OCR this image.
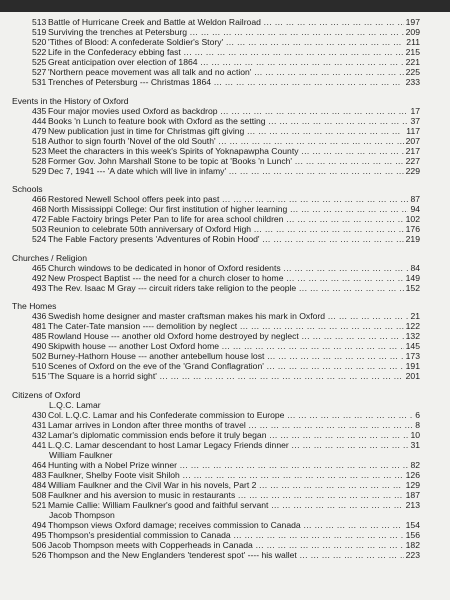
513 Battle of Hurricane Creek and Battle at Weldon Railroad ... .	197
519 Surviving the trenches at Petersburg ... .	209
520 'Tithes of Blood: A confederate Soldier's Story' ... .	211
522 Life in the Confederacy ebbing fast ... .	215
525 Great anticipation over election of 1864 ... .	221
527 'Northern peace movement was all talk and no action' ... .	225
531 Trenches of Petersburg --- Christmas 1864 ... .	233
Events in the History of Oxford
435 Four major movies used Oxford as backdrop ... .	17
444 Books 'n Lunch to feature book with Oxford as the setting ... .	37
479 New publication just in time for Christmas gift giving ... .	117
518 Author to sign fourth 'Novel of the old South' ... .	207
523 Meet the characters in this week's Spirits of Yoknapawpha County ... .	217
528 Former Gov. John Marshall Stone to be topic at 'Books 'n Lunch' ... .	227
529 Dec 7, 1941 --- 'A date which will live in infamy' ... .	229
Schools
466 Restored Newell School offers peek into past ... .	87
468 North Mississippi College: Our first institution of higher learning ... .	94
472 Fable Factoiry brings Peter Pan to life for area school children ... .	102
503 Reunion to celebrate 50th anniversary of Oxford High ... .	176
524 The Fable Factory presents 'Adventures of Robin Hood' ... .	219
Churches / Religion
465 Church windows to be dedicated in honor of Oxford residents ... .	84
492 New Prospect Baptist --- the need for a church closer to home ... .	149
493 The Rev. Isaac M Gray --- circuit riders take religion to the people ... .	152
The Homes
436 Swedish home designer and master craftsman makes his mark in Oxford ... .	21
481 The Cater-Tate mansion ---- demolition by neglect ... .	122
485 Rowland House --- another old Oxford home destroyed by neglect ... .	132
490 Skipwith house --- another Lost Oxford home ... .	145
502 Burney-Hathorn House --- another antebellum house lost ... .	173
510 Scenes of Oxford on the eve of the 'Grand Conflagration' ... .	191
515 'The Square is a horrid sight' ... .	201
Citizens of Oxford
L.Q.C. Lamar
430 Col. L.Q.C. Lamar and his Confederate commission to Europe ... .	6
431 Lamar arrives in London after three months of travel ... .	8
432 Lamar's diplomatic commission ends before it truly began ... .	10
441 L.Q.C. Lamar descendant to host Lamar Legacy Friends dinner ... .	31
William Faulkner
464 Hunting with a Nobel Prize winner ... .	82
483 Faulkner, Shelby Foote visit Shiloh ... .	126
484 William Faulkner and the Civil War in his novels, Part 2 ... .	129
508 Faulkner and his aversion to music in restaurants ... .	187
521 Mamie Callie: William Faulkner's good and faithful servant ... .	213
Jacob Thompson
494 Thompson views Oxford damage; receives commission to Canada ... .	154
495 Thompson's presidential commission to Canada ... .	156
506 Jacob Thompson meets with Copperheads in Canada ... .	182
526 Thompson and the New Englanders 'tenderest spot' ---- his wallet ... .	223
